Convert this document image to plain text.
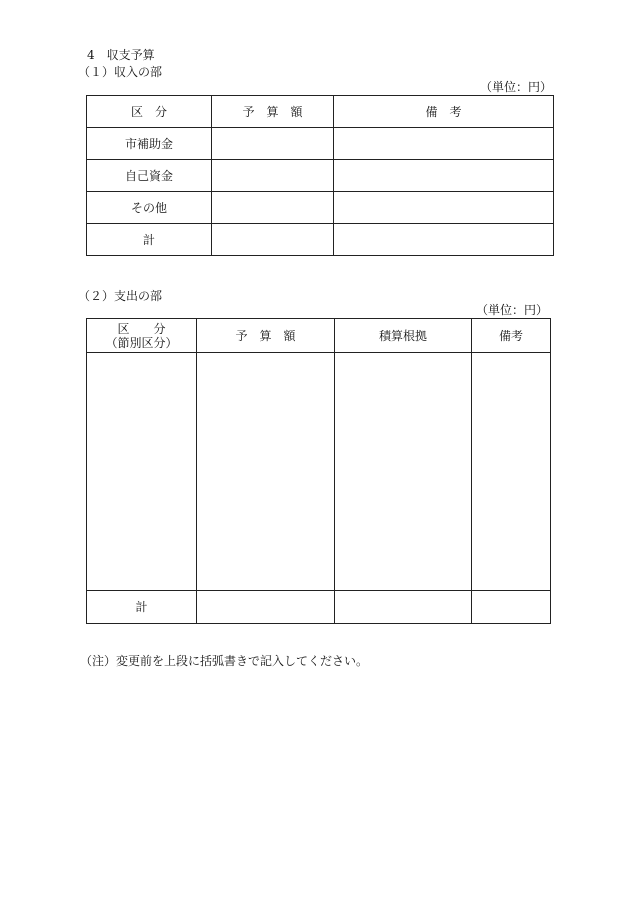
4　収支予算
（１）収入の部
（単位：円）
区　分	予　算　額	備　考
市補助金		
自己資金		
その他		
計		
（２）支出の部
（単位：円）
区　　分
（節別区分）	予　算　額	積算根拠	備考

計			
（注）変更前を上段に括弧書きで記入してください。
